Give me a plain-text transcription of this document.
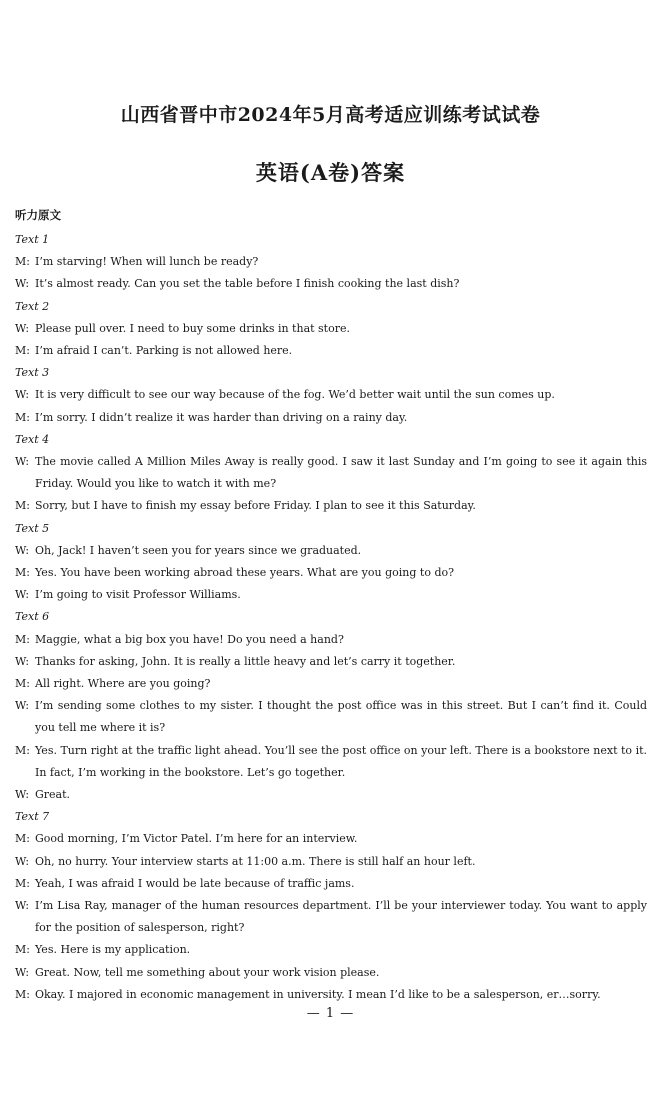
山西省晋中市2024年5月高考适应训练考试试卷
英语(A卷)答案
听力原文
Text 1
M: I’m starving! When will lunch be ready?
W: It’s almost ready. Can you set the table before I finish cooking the last dish?
Text 2
W: Please pull over. I need to buy some drinks in that store.
M: I’m afraid I can’t. Parking is not allowed here.
Text 3
W: It is very difficult to see our way because of the fog. We’d better wait until the sun comes up.
M: I’m sorry. I didn’t realize it was harder than driving on a rainy day.
Text 4
W: The movie called A Million Miles Away is really good. I saw it last Sunday and I’m going to see it again this Friday. Would you like to watch it with me?
M: Sorry, but I have to finish my essay before Friday. I plan to see it this Saturday.
Text 5
W: Oh, Jack! I haven’t seen you for years since we graduated.
M: Yes. You have been working abroad these years. What are you going to do?
W: I’m going to visit Professor Williams.
Text 6
M: Maggie, what a big box you have! Do you need a hand?
W: Thanks for asking, John. It is really a little heavy and let’s carry it together.
M: All right. Where are you going?
W: I’m sending some clothes to my sister. I thought the post office was in this street. But I can’t find it. Could you tell me where it is?
M: Yes. Turn right at the traffic light ahead. You’ll see the post office on your left. There is a bookstore next to it. In fact, I’m working in the bookstore. Let’s go together.
W: Great.
Text 7
M: Good morning, I’m Victor Patel. I’m here for an interview.
W: Oh, no hurry. Your interview starts at 11:00 a.m. There is still half an hour left.
M: Yeah, I was afraid I would be late because of traffic jams.
W: I’m Lisa Ray, manager of the human resources department. I’ll be your interviewer today. You want to apply for the position of salesperson, right?
M: Yes. Here is my application.
W: Great. Now, tell me something about your work vision please.
M: Okay. I majored in economic management in university. I mean I’d like to be a salesperson, er…sorry.
— 1 —
